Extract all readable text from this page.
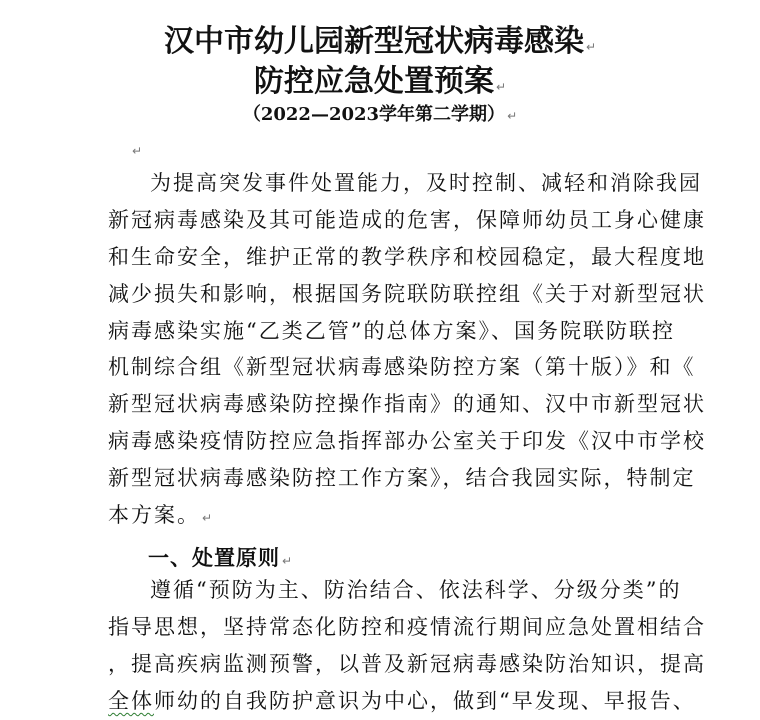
汉中市幼儿园新型冠状病毒感染 ↵
防控应急处置预案 ↵
（2022—2023学年第二学期） ↵
↵
为提高突发事件处置能力，及时控制、减轻和消除我园
新冠病毒感染及其可能造成的危害，保障师幼员工身心健康
和生命安全，维护正常的教学秩序和校园稳定，最大程度地
减少损失和影响，根据国务院联防联控组《关于对新型冠状
病毒感染实施“乙类乙管”的总体方案》、国务院联防联控
机制综合组《新型冠状病毒感染防控方案（第十版）》和《
新型冠状病毒感染防控操作指南》的通知、汉中市新型冠状
病毒感染疫情防控应急指挥部办公室关于印发《汉中市学校
新型冠状病毒感染防控工作方案》，结合我园实际，特制定
本方案。 ↵
一、处置原则 ↵
遵循“预防为主、防治结合、依法科学、分级分类”的
指导思想，坚持常态化防控和疫情流行期间应急处置相结合
，提高疾病监测预警，以普及新冠病毒感染防治知识，提高
全体师幼的自我防护意识为中心，做到“早发现、早报告、
